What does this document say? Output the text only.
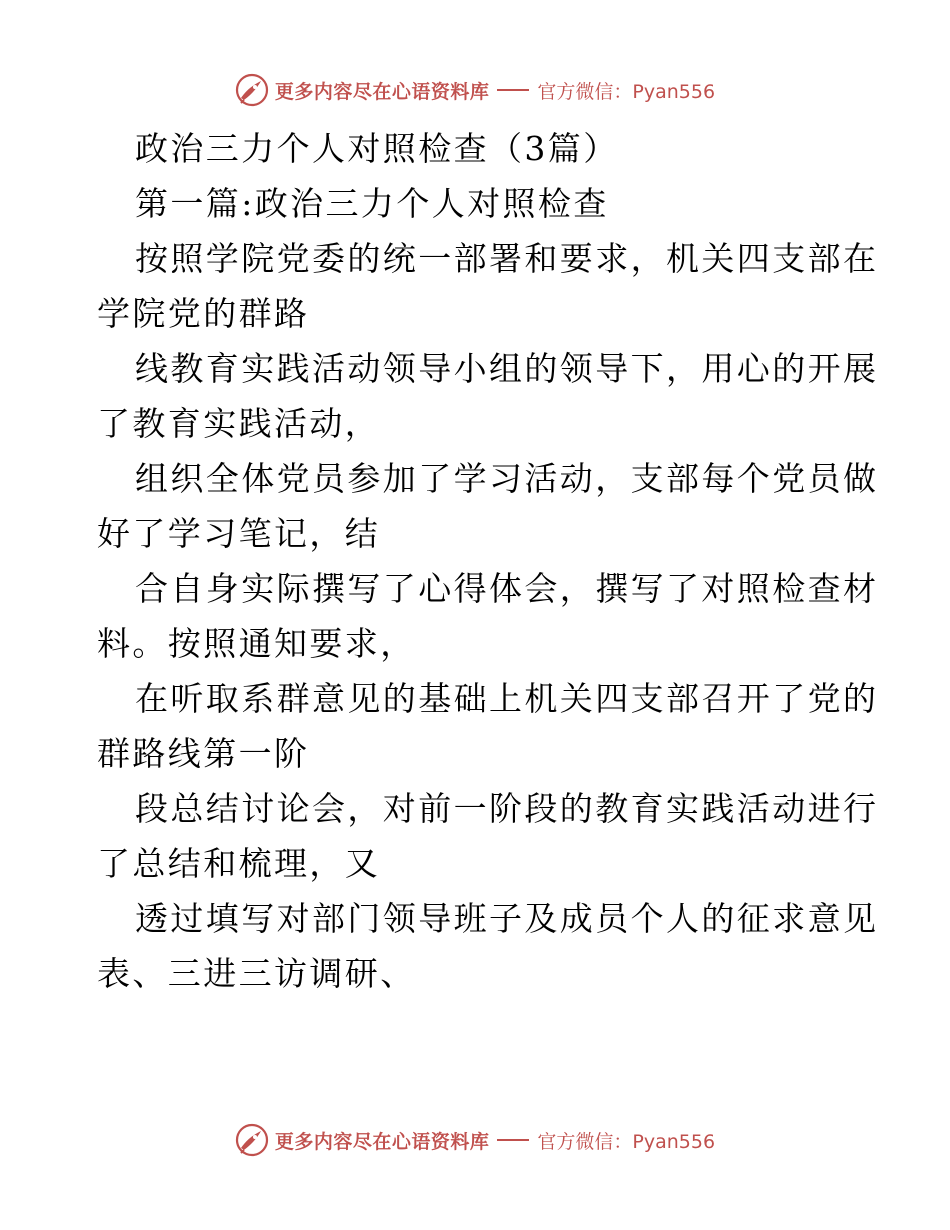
更多内容尽在心语资料库	官方微信：Pyan556
政治三力个人对照检查（3篇）
第一篇:政治三力个人对照检查
按照学院党委的统一部署和要求，机关四支部在
学院党的群路
线教育实践活动领导小组的领导下，用心的开展
了教育实践活动，
组织全体党员参加了学习活动，支部每个党员做
好了学习笔记，结
合自身实际撰写了心得体会，撰写了对照检查材
料。按照通知要求，
在听取系群意见的基础上机关四支部召开了党的
群路线第一阶
段总结讨论会，对前一阶段的教育实践活动进行
了总结和梳理，又
透过填写对部门领导班子及成员个人的征求意见
表、三进三访调研、
更多内容尽在心语资料库	官方微信：Pyan556
